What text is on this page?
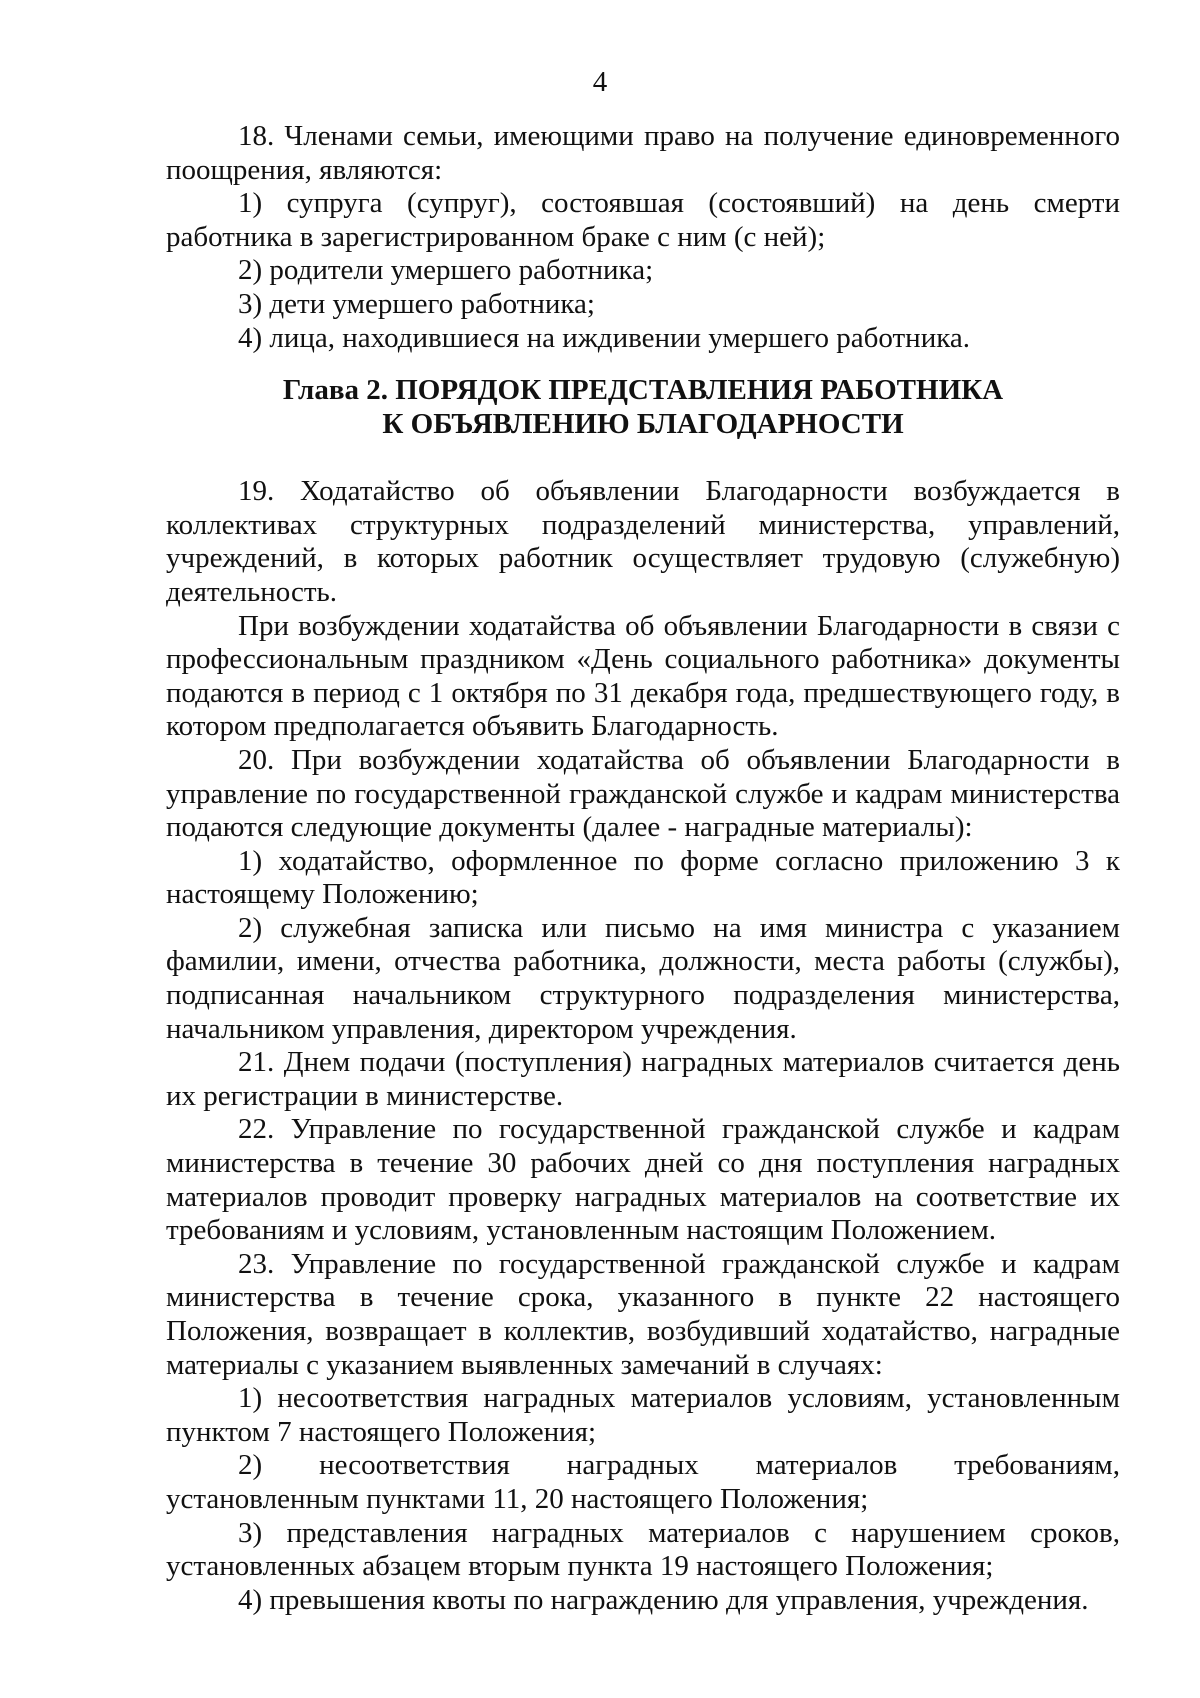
4

18. Членами семьи, имеющими право на получение единовременного поощрения, являются:

1) супруга (супруг), состоявшая (состоявший) на день смерти работника в зарегистрированном браке с ним (с ней);

2) родители умершего работника;

3) дети умершего работника;

4) лица, находившиеся на иждивении умершего работника.

Глава 2. ПОРЯДОК ПРЕДСТАВЛЕНИЯ РАБОТНИКА
К ОБЪЯВЛЕНИЮ БЛАГОДАРНОСТИ

19. Ходатайство об объявлении Благодарности возбуждается в коллективах структурных подразделений министерства, управлений, учреждений, в которых работник осуществляет трудовую (служебную) деятельность.

При возбуждении ходатайства об объявлении Благодарности в связи с профессиональным праздником «День социального работника» документы подаются в период с 1 октября по 31 декабря года, предшествующего году, в котором предполагается объявить Благодарность.

20. При возбуждении ходатайства об объявлении Благодарности в управление по государственной гражданской службе и кадрам министерства подаются следующие документы (далее - наградные материалы):

1) ходатайство, оформленное по форме согласно приложению 3 к настоящему Положению;

2) служебная записка или письмо на имя министра с указанием фамилии, имени, отчества работника, должности, места работы (службы), подписанная начальником структурного подразделения министерства, начальником управления, директором учреждения.

21. Днем подачи (поступления) наградных материалов считается день их регистрации в министерстве.

22. Управление по государственной гражданской службе и кадрам министерства в течение 30 рабочих дней со дня поступления наградных материалов проводит проверку наградных материалов на соответствие их требованиям и условиям, установленным настоящим Положением.

23. Управление по государственной гражданской службе и кадрам министерства в течение срока, указанного в пункте 22 настоящего Положения, возвращает в коллектив, возбудивший ходатайство, наградные материалы с указанием выявленных замечаний в случаях:

1) несоответствия наградных материалов условиям, установленным пунктом 7 настоящего Положения;

2) несоответствия наградных материалов требованиям, установленным пунктами 11, 20 настоящего Положения;

3) представления наградных материалов с нарушением сроков, установленных абзацем вторым пункта 19 настоящего Положения;

4) превышения квоты по награждению для управления, учреждения.
